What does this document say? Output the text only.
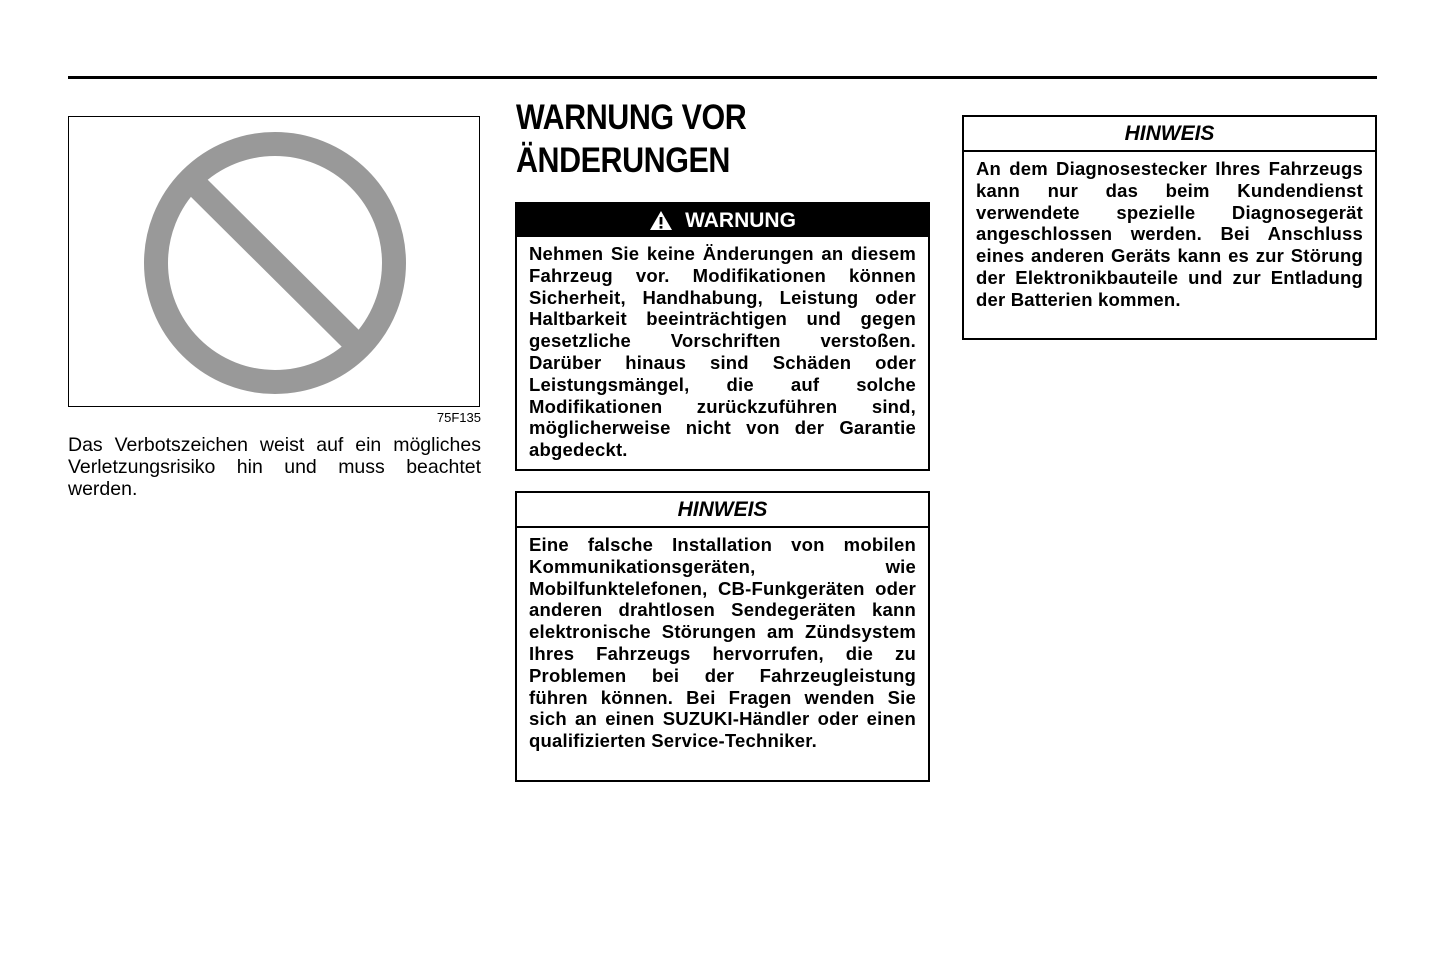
75F135
Das Verbotszeichen weist auf ein mögliches Verletzungsrisiko hin und muss beachtet werden.
WARNUNG VOR
ÄNDERUNGEN
WARNUNG
Nehmen Sie keine Änderungen an diesem Fahrzeug vor. Modifikationen können Sicherheit, Handhabung, Leistung oder Haltbarkeit beeinträchtigen und gegen gesetzliche Vorschriften verstoßen. Darüber hinaus sind Schäden oder Leistungsmängel, die auf solche Modifikationen zurückzuführen sind, möglicherweise nicht von der Garantie abgedeckt.
HINWEIS
Eine falsche Installation von mobilen Kommunikationsgeräten, wie Mobilfunktelefonen, CB-Funkgeräten oder anderen drahtlosen Sendegeräten kann elektronische Störungen am Zündsystem Ihres Fahrzeugs hervorrufen, die zu Problemen bei der Fahrzeugleistung führen können. Bei Fragen wenden Sie sich an einen SUZUKI-Händler oder einen qualifizierten Service-Techniker.
HINWEIS
An dem Diagnosestecker Ihres Fahrzeugs kann nur das beim Kundendienst verwendete spezielle Diagnosegerät angeschlossen werden. Bei Anschluss eines anderen Geräts kann es zur Störung der Elektronikbauteile und zur Entladung der Batterien kommen.
